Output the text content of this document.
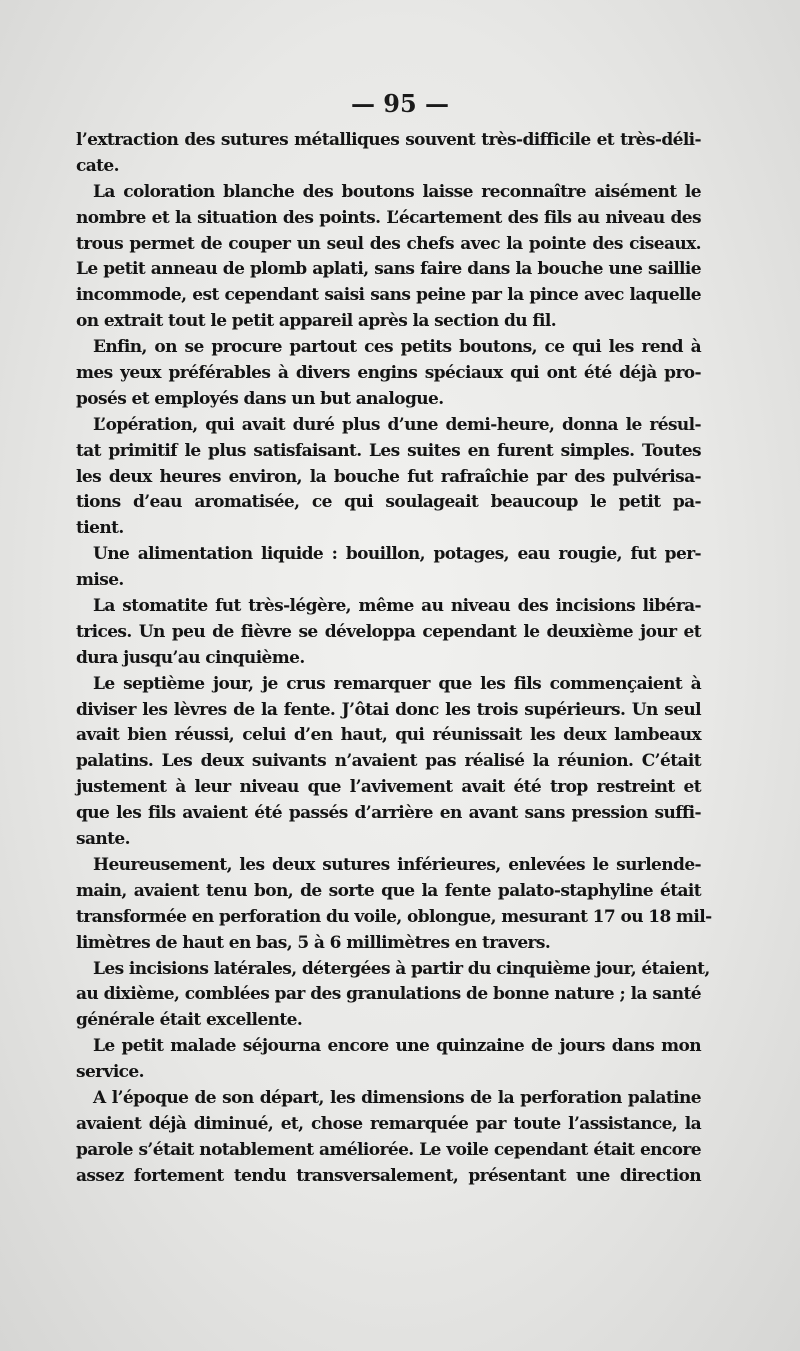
— 95 —
l’extraction des sutures métalliques souvent très-difficile et très-déli-
cate.
La coloration blanche des boutons laisse reconnaître aisément le
nombre et la situation des points. L’écartement des fils au niveau des
trous permet de couper un seul des chefs avec la pointe des ciseaux.
Le petit anneau de plomb aplati, sans faire dans la bouche une saillie
incommode, est cependant saisi sans peine par la pince avec laquelle
on extrait tout le petit appareil après la section du fil.
Enfin, on se procure partout ces petits boutons, ce qui les rend à
mes yeux préférables à divers engins spéciaux qui ont été déjà pro-
posés et employés dans un but analogue.
L’opération, qui avait duré plus d’une demi-heure, donna le résul-
tat primitif le plus satisfaisant. Les suites en furent simples. Toutes
les deux heures environ, la bouche fut rafraîchie par des pulvérisa-
tions d’eau aromatisée, ce qui soulageait beaucoup le petit pa-
tient.
Une alimentation liquide : bouillon, potages, eau rougie, fut per-
mise.
La stomatite fut très-légère, même au niveau des incisions libéra-
trices. Un peu de fièvre se développa cependant le deuxième jour et
dura jusqu’au cinquième.
Le septième jour, je crus remarquer que les fils commençaient à
diviser les lèvres de la fente. J’ôtai donc les trois supérieurs. Un seul
avait bien réussi, celui d’en haut, qui réunissait les deux lambeaux
palatins. Les deux suivants n’avaient pas réalisé la réunion. C’était
justement à leur niveau que l’avivement avait été trop restreint et
que les fils avaient été passés d’arrière en avant sans pression suffi-
sante.
Heureusement, les deux sutures inférieures, enlevées le surlende-
main, avaient tenu bon, de sorte que la fente palato-staphyline était
transformée en perforation du voile, oblongue, mesurant 17 ou 18 mil-
limètres de haut en bas, 5 à 6 millimètres en travers.
Les incisions latérales, détergées à partir du cinquième jour, étaient,
au dixième, comblées par des granulations de bonne nature ; la santé
générale était excellente.
Le petit malade séjourna encore une quinzaine de jours dans mon
service.
A l’époque de son départ, les dimensions de la perforation palatine
avaient déjà diminué, et, chose remarquée par toute l’assistance, la
parole s’était notablement améliorée. Le voile cependant était encore
assez fortement tendu transversalement, présentant une direction
